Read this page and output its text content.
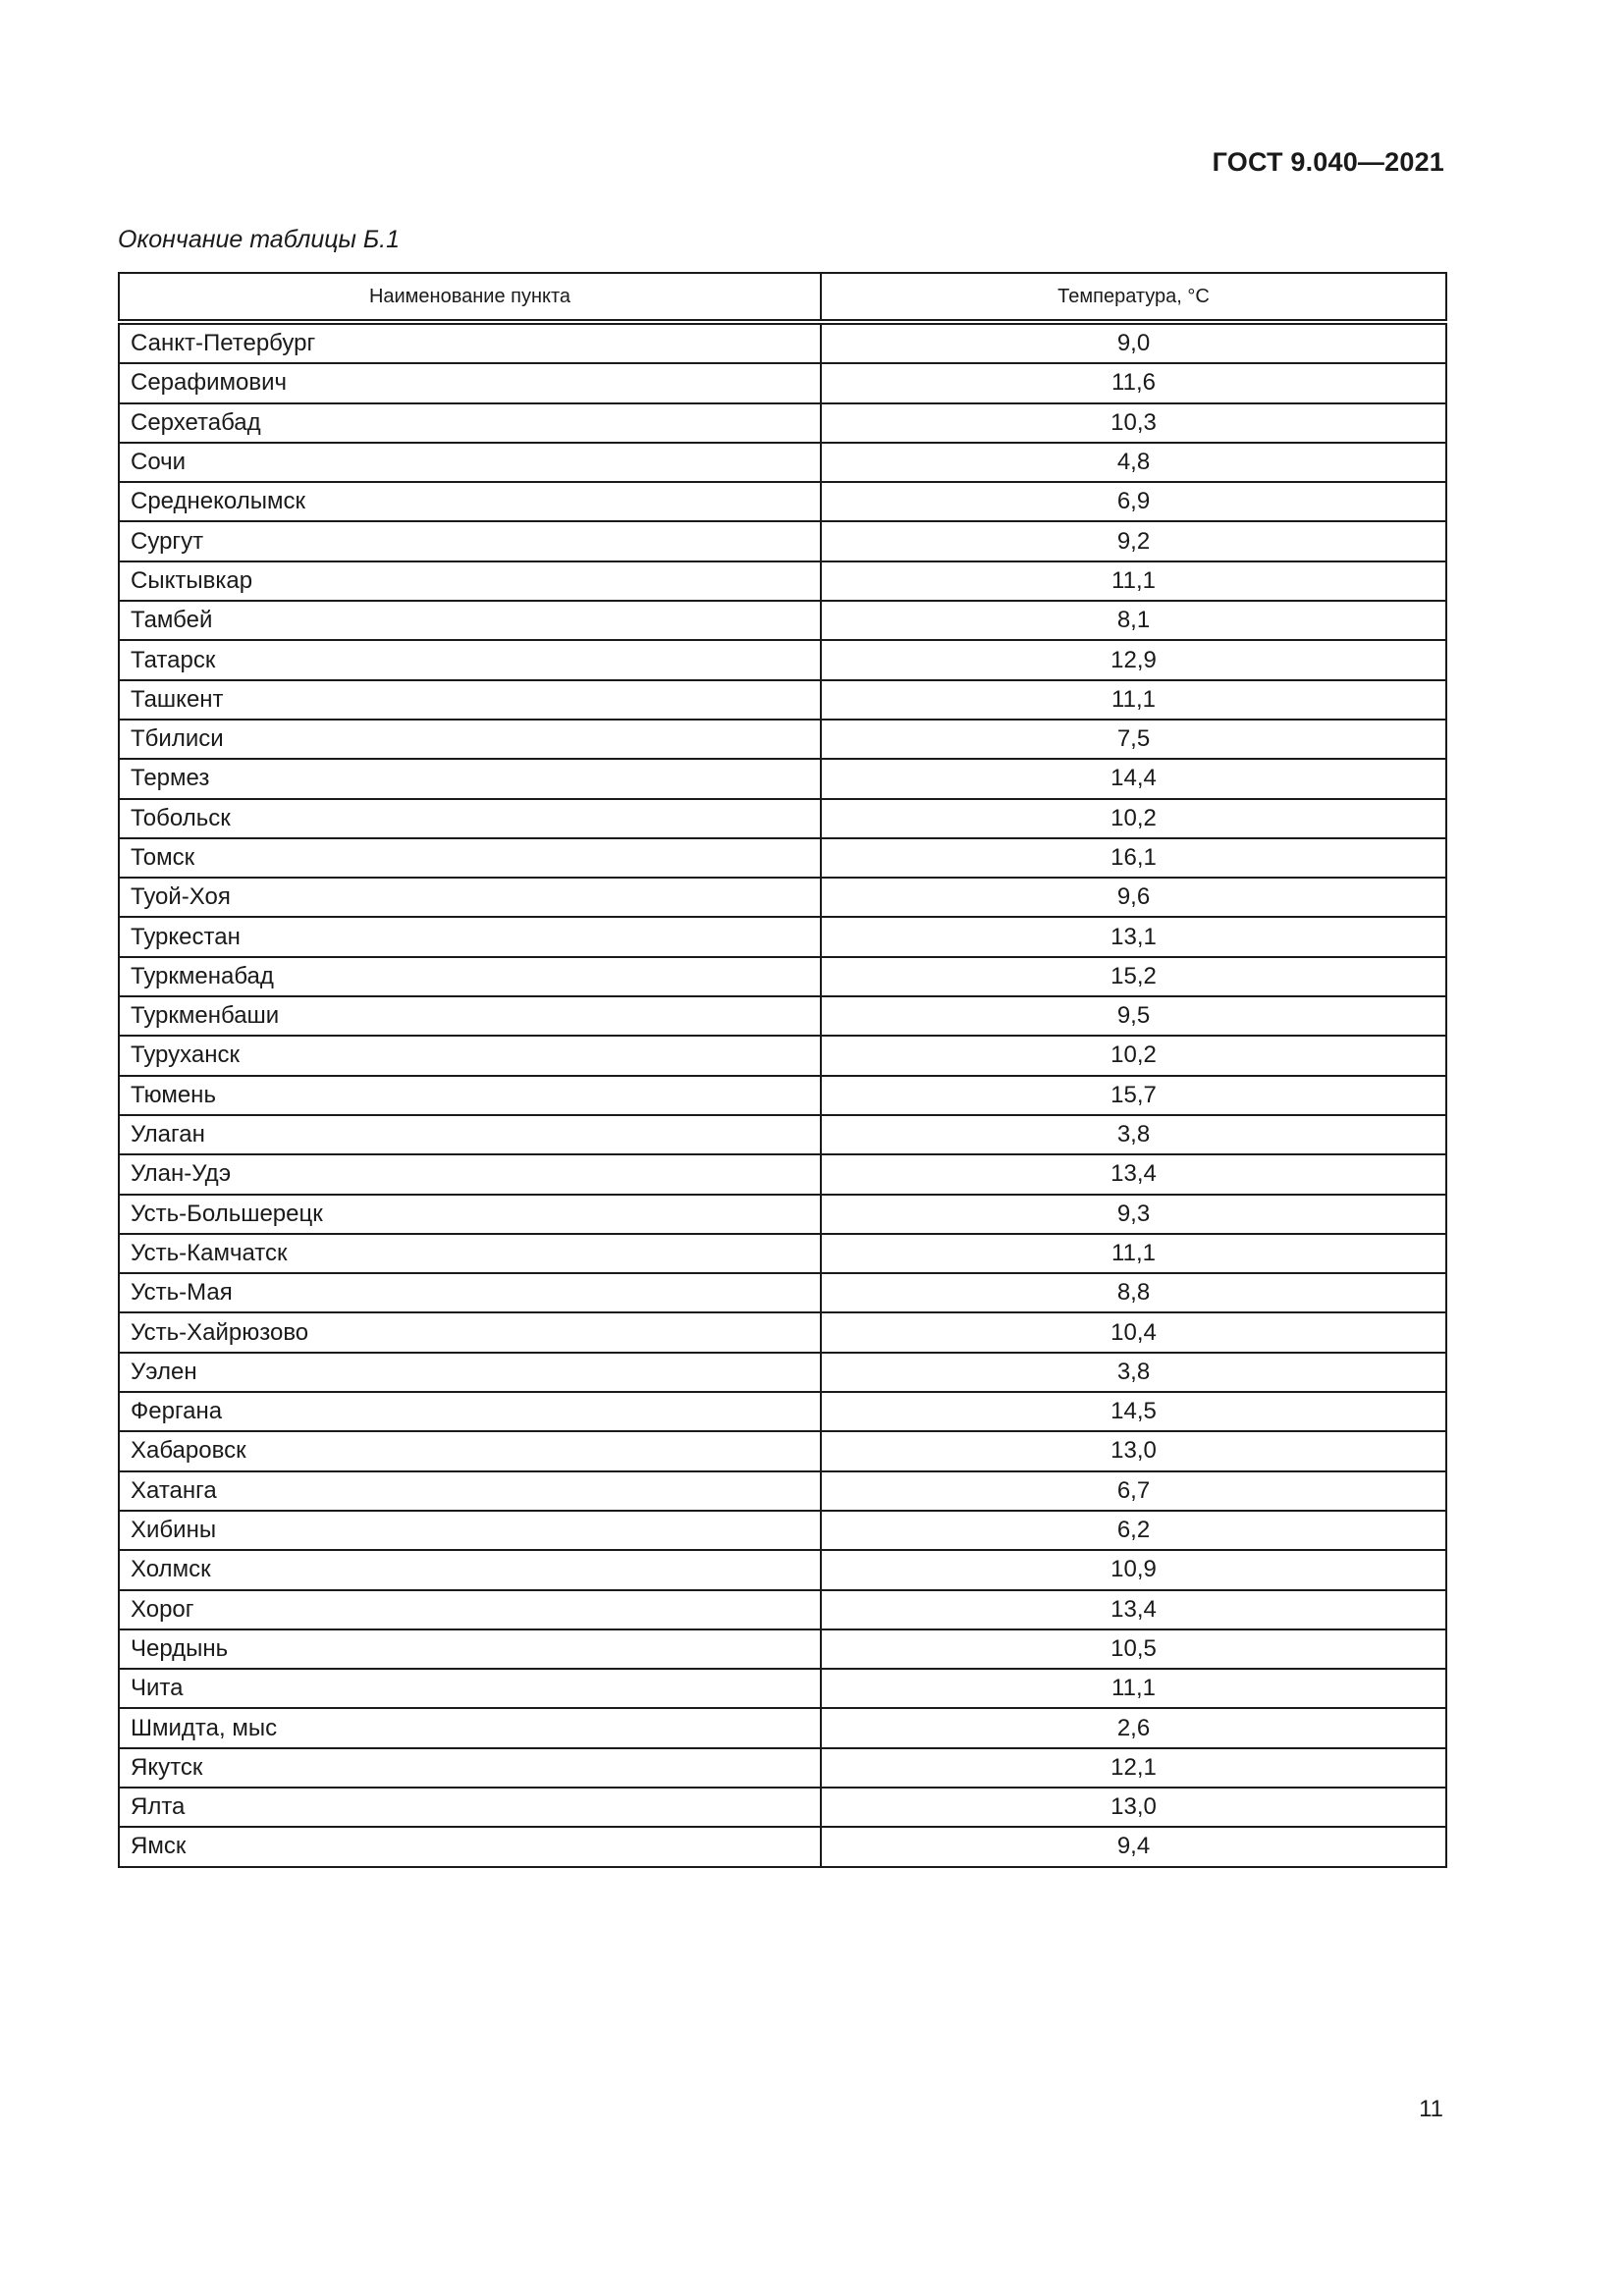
ГОСТ 9.040—2021
Окончание таблицы Б.1
Наименование пункта	Температура, °C
Санкт-Петербург	9,0
Серафимович	11,6
Серхетабад	10,3
Сочи	4,8
Среднеколымск	6,9
Сургут	9,2
Сыктывкар	11,1
Тамбей	8,1
Татарск	12,9
Ташкент	11,1
Тбилиси	7,5
Термез	14,4
Тобольск	10,2
Томск	16,1
Туой-Хоя	9,6
Туркестан	13,1
Туркменабад	15,2
Туркменбаши	9,5
Туруханск	10,2
Тюмень	15,7
Улаган	3,8
Улан-Удэ	13,4
Усть-Большерецк	9,3
Усть-Камчатск	11,1
Усть-Мая	8,8
Усть-Хайрюзово	10,4
Уэлен	3,8
Фергана	14,5
Хабаровск	13,0
Хатанга	6,7
Хибины	6,2
Холмск	10,9
Хорог	13,4
Чердынь	10,5
Чита	11,1
Шмидта, мыс	2,6
Якутск	12,1
Ялта	13,0
Ямск	9,4
11
